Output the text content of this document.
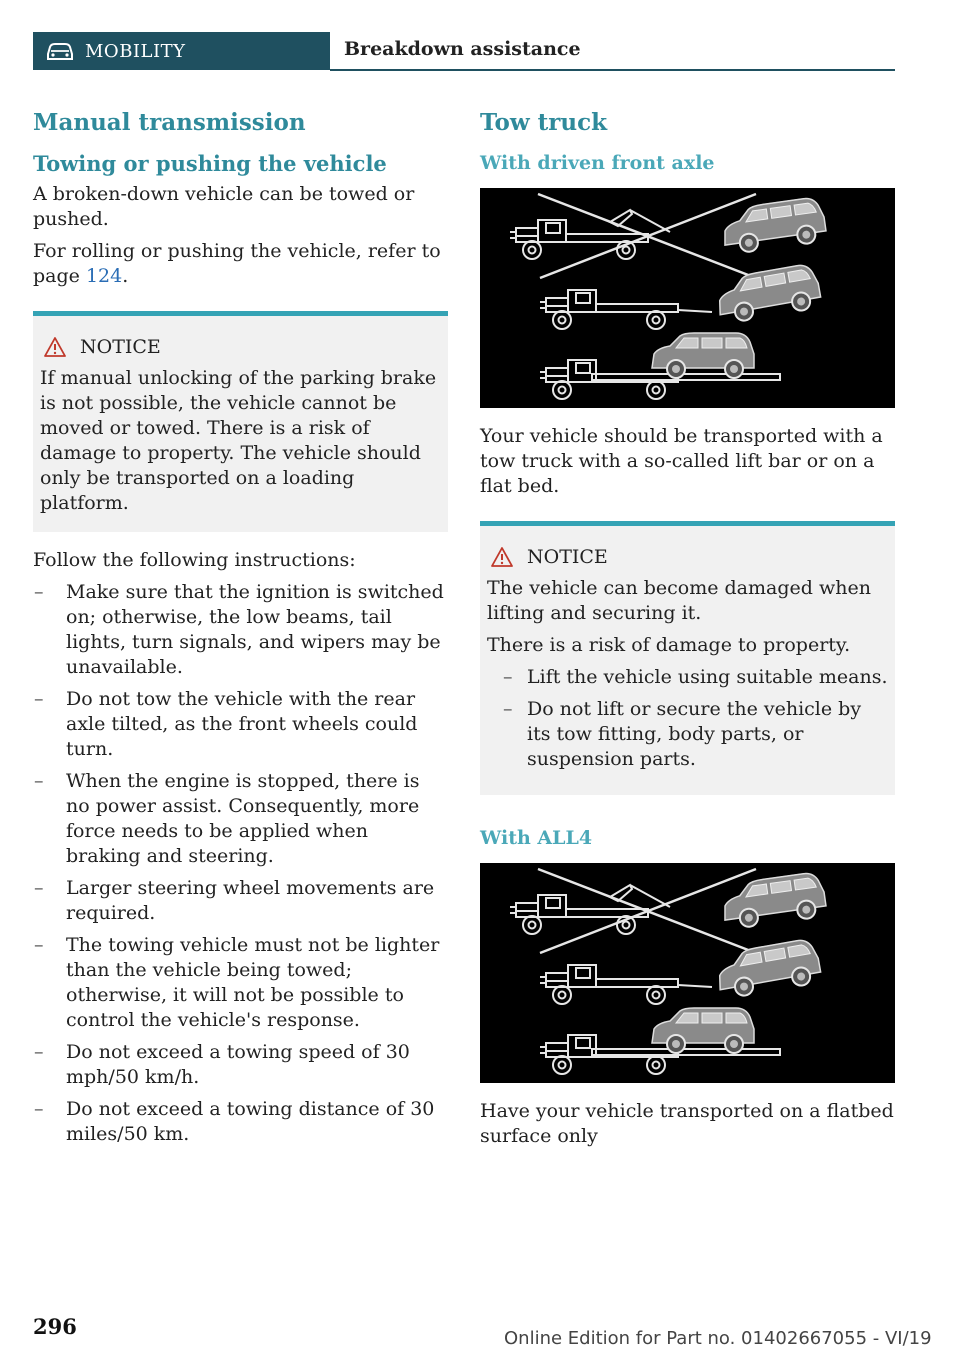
MOBILITY	Breakdown assistance
Manual transmission
Towing or pushing the vehicle

A broken-down vehicle can be towed or pushed.

For rolling or pushing the vehicle, refer to page 124.

NOTICE

If manual unlocking of the parking brake is not possible, the vehicle cannot be moved or towed. There is a risk of damage to property. The vehicle should only be transported on a loading platform.

Follow the following instructions:

– Make sure that the ignition is switched on; otherwise, the low beams, tail lights, turn signals, and wipers may be unavailable.
– Do not tow the vehicle with the rear axle tilted, as the front wheels could turn.
– When the engine is stopped, there is no power assist. Consequently, more force needs to be applied when braking and steering.
– Larger steering wheel movements are required.
– The towing vehicle must not be lighter than the vehicle being towed; otherwise, it will not be possible to control the vehicle's response.
– Do not exceed a towing speed of 30 mph/50 km/h.
– Do not exceed a towing distance of 30 miles/50 km.
Tow truck
With driven front axle

Your vehicle should be transported with a tow truck with a so-called lift bar or on a flat bed.

NOTICE

The vehicle can become damaged when lifting and securing it.

There is a risk of damage to property.

– Lift the vehicle using suitable means.
– Do not lift or secure the vehicle by its tow fitting, body parts, or suspension parts.
With ALL4

Have your vehicle transported on a flatbed surface only

296	Online Edition for Part no. 01402667055 - VI/19
